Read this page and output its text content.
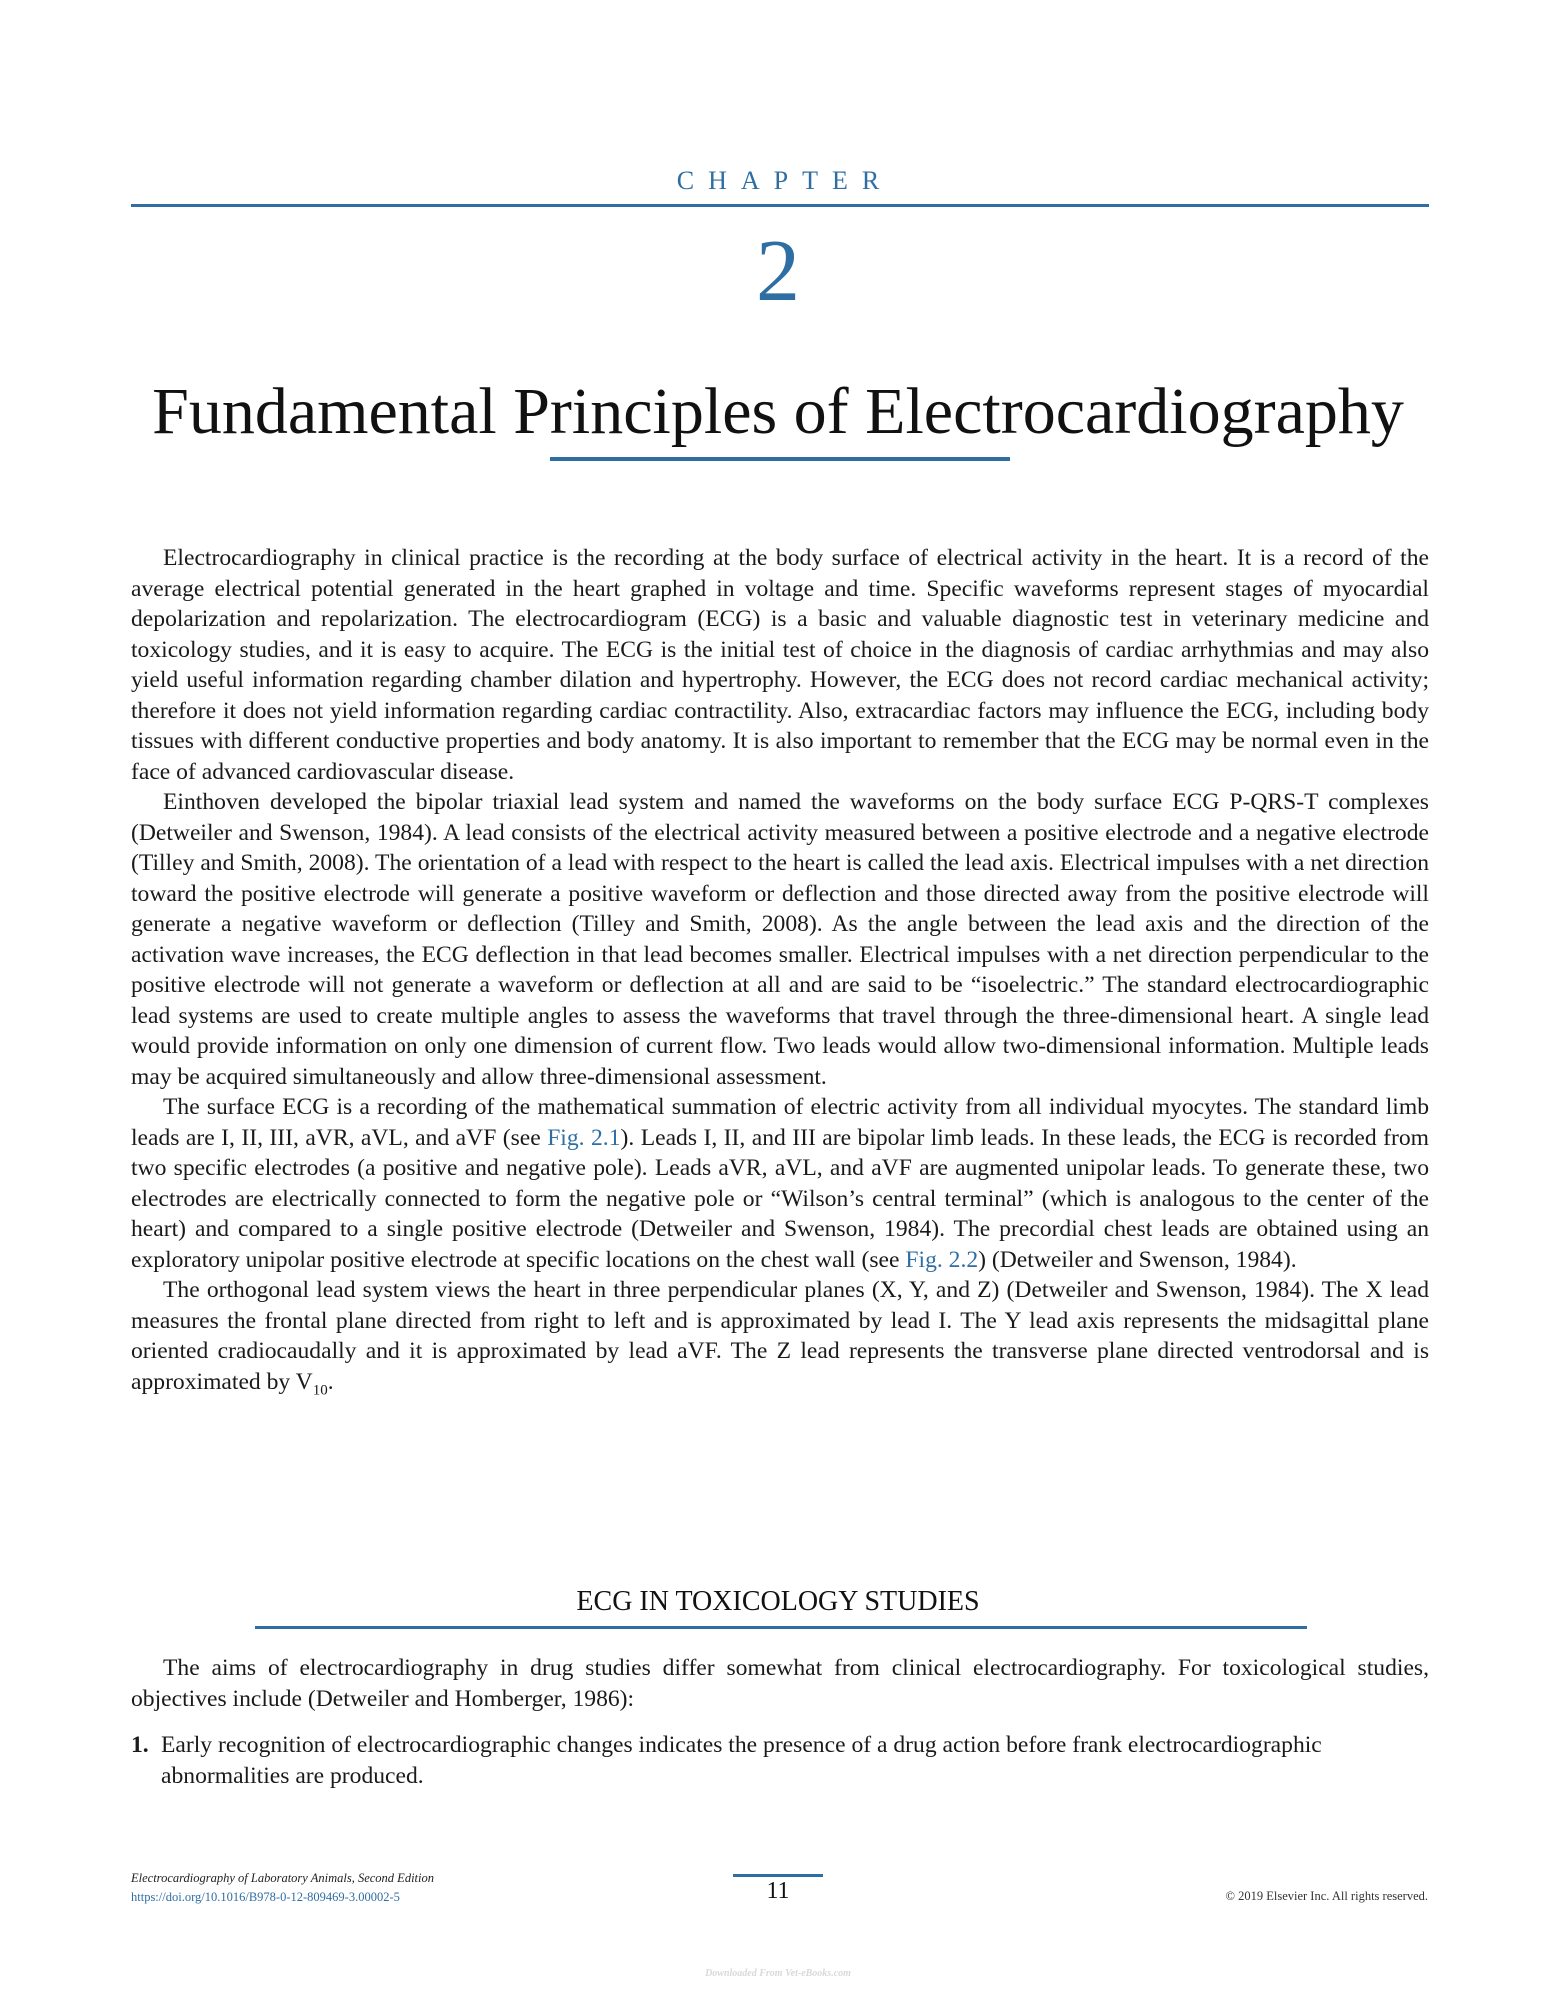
CHAPTER
2
Fundamental Principles of Electrocardiography

Electrocardiography in clinical practice is the recording at the body surface of electrical activity in the heart. It is a record of the average electrical potential generated in the heart graphed in voltage and time. Specific waveforms represent stages of myocardial depolarization and repolarization. The electrocardiogram (ECG) is a basic and valuable diagnostic test in veterinary medicine and toxicology studies, and it is easy to acquire. The ECG is the initial test of choice in the diagnosis of cardiac arrhythmias and may also yield useful information regarding chamber dilation and hypertrophy. However, the ECG does not record cardiac mechanical activity; therefore it does not yield information regarding cardiac contractility. Also, extracardiac factors may influence the ECG, including body tissues with different conductive properties and body anatomy. It is also important to remember that the ECG may be normal even in the face of advanced cardiovascular disease.

Einthoven developed the bipolar triaxial lead system and named the waveforms on the body surface ECG P-QRS-T complexes (Detweiler and Swenson, 1984). A lead consists of the electrical activity measured between a positive electrode and a negative electrode (Tilley and Smith, 2008). The orientation of a lead with respect to the heart is called the lead axis. Electrical impulses with a net direction toward the positive electrode will generate a positive waveform or deflection and those directed away from the positive electrode will generate a negative waveform or deflection (Tilley and Smith, 2008). As the angle between the lead axis and the direction of the activation wave increases, the ECG deflection in that lead becomes smaller. Electrical impulses with a net direction perpendicular to the positive electrode will not generate a waveform or deflection at all and are said to be “isoelectric.” The standard electrocardiographic lead systems are used to create multiple angles to assess the waveforms that travel through the three-dimensional heart. A single lead would provide information on only one dimension of current flow. Two leads would allow two-dimensional information. Multiple leads may be acquired simultaneously and allow three-dimensional assessment.

The surface ECG is a recording of the mathematical summation of electric activity from all individual myocytes. The standard limb leads are I, II, III, aVR, aVL, and aVF (see Fig. 2.1). Leads I, II, and III are bipolar limb leads. In these leads, the ECG is recorded from two specific electrodes (a positive and negative pole). Leads aVR, aVL, and aVF are augmented unipolar leads. To generate these, two electrodes are electrically connected to form the negative pole or “Wilson’s central terminal” (which is analogous to the center of the heart) and compared to a single positive electrode (Detweiler and Swenson, 1984). The precordial chest leads are obtained using an exploratory unipolar positive electrode at specific locations on the chest wall (see Fig. 2.2) (Detweiler and Swenson, 1984).

The orthogonal lead system views the heart in three perpendicular planes (X, Y, and Z) (Detweiler and Swenson, 1984). The X lead measures the frontal plane directed from right to left and is approximated by lead I. The Y lead axis represents the midsagittal plane oriented cradiocaudally and it is approximated by lead aVF. The Z lead represents the transverse plane directed ventrodorsal and is approximated by $V_{10}$.

ECG IN TOXICOLOGY STUDIES

The aims of electrocardiography in drug studies differ somewhat from clinical electrocardiography. For toxicological studies, objectives include (Detweiler and Homberger, 1986):

1. Early recognition of electrocardiographic changes indicates the presence of a drug action before frank electrocardiographic abnormalities are produced.
Electrocardiography of Laboratory Animals, Second Edition
https://doi.org/10.1016/B978-0-12-809469-3.00002-5	11	© 2019 Elsevier Inc. All rights reserved.
Downloaded From Vet-eBooks.com
